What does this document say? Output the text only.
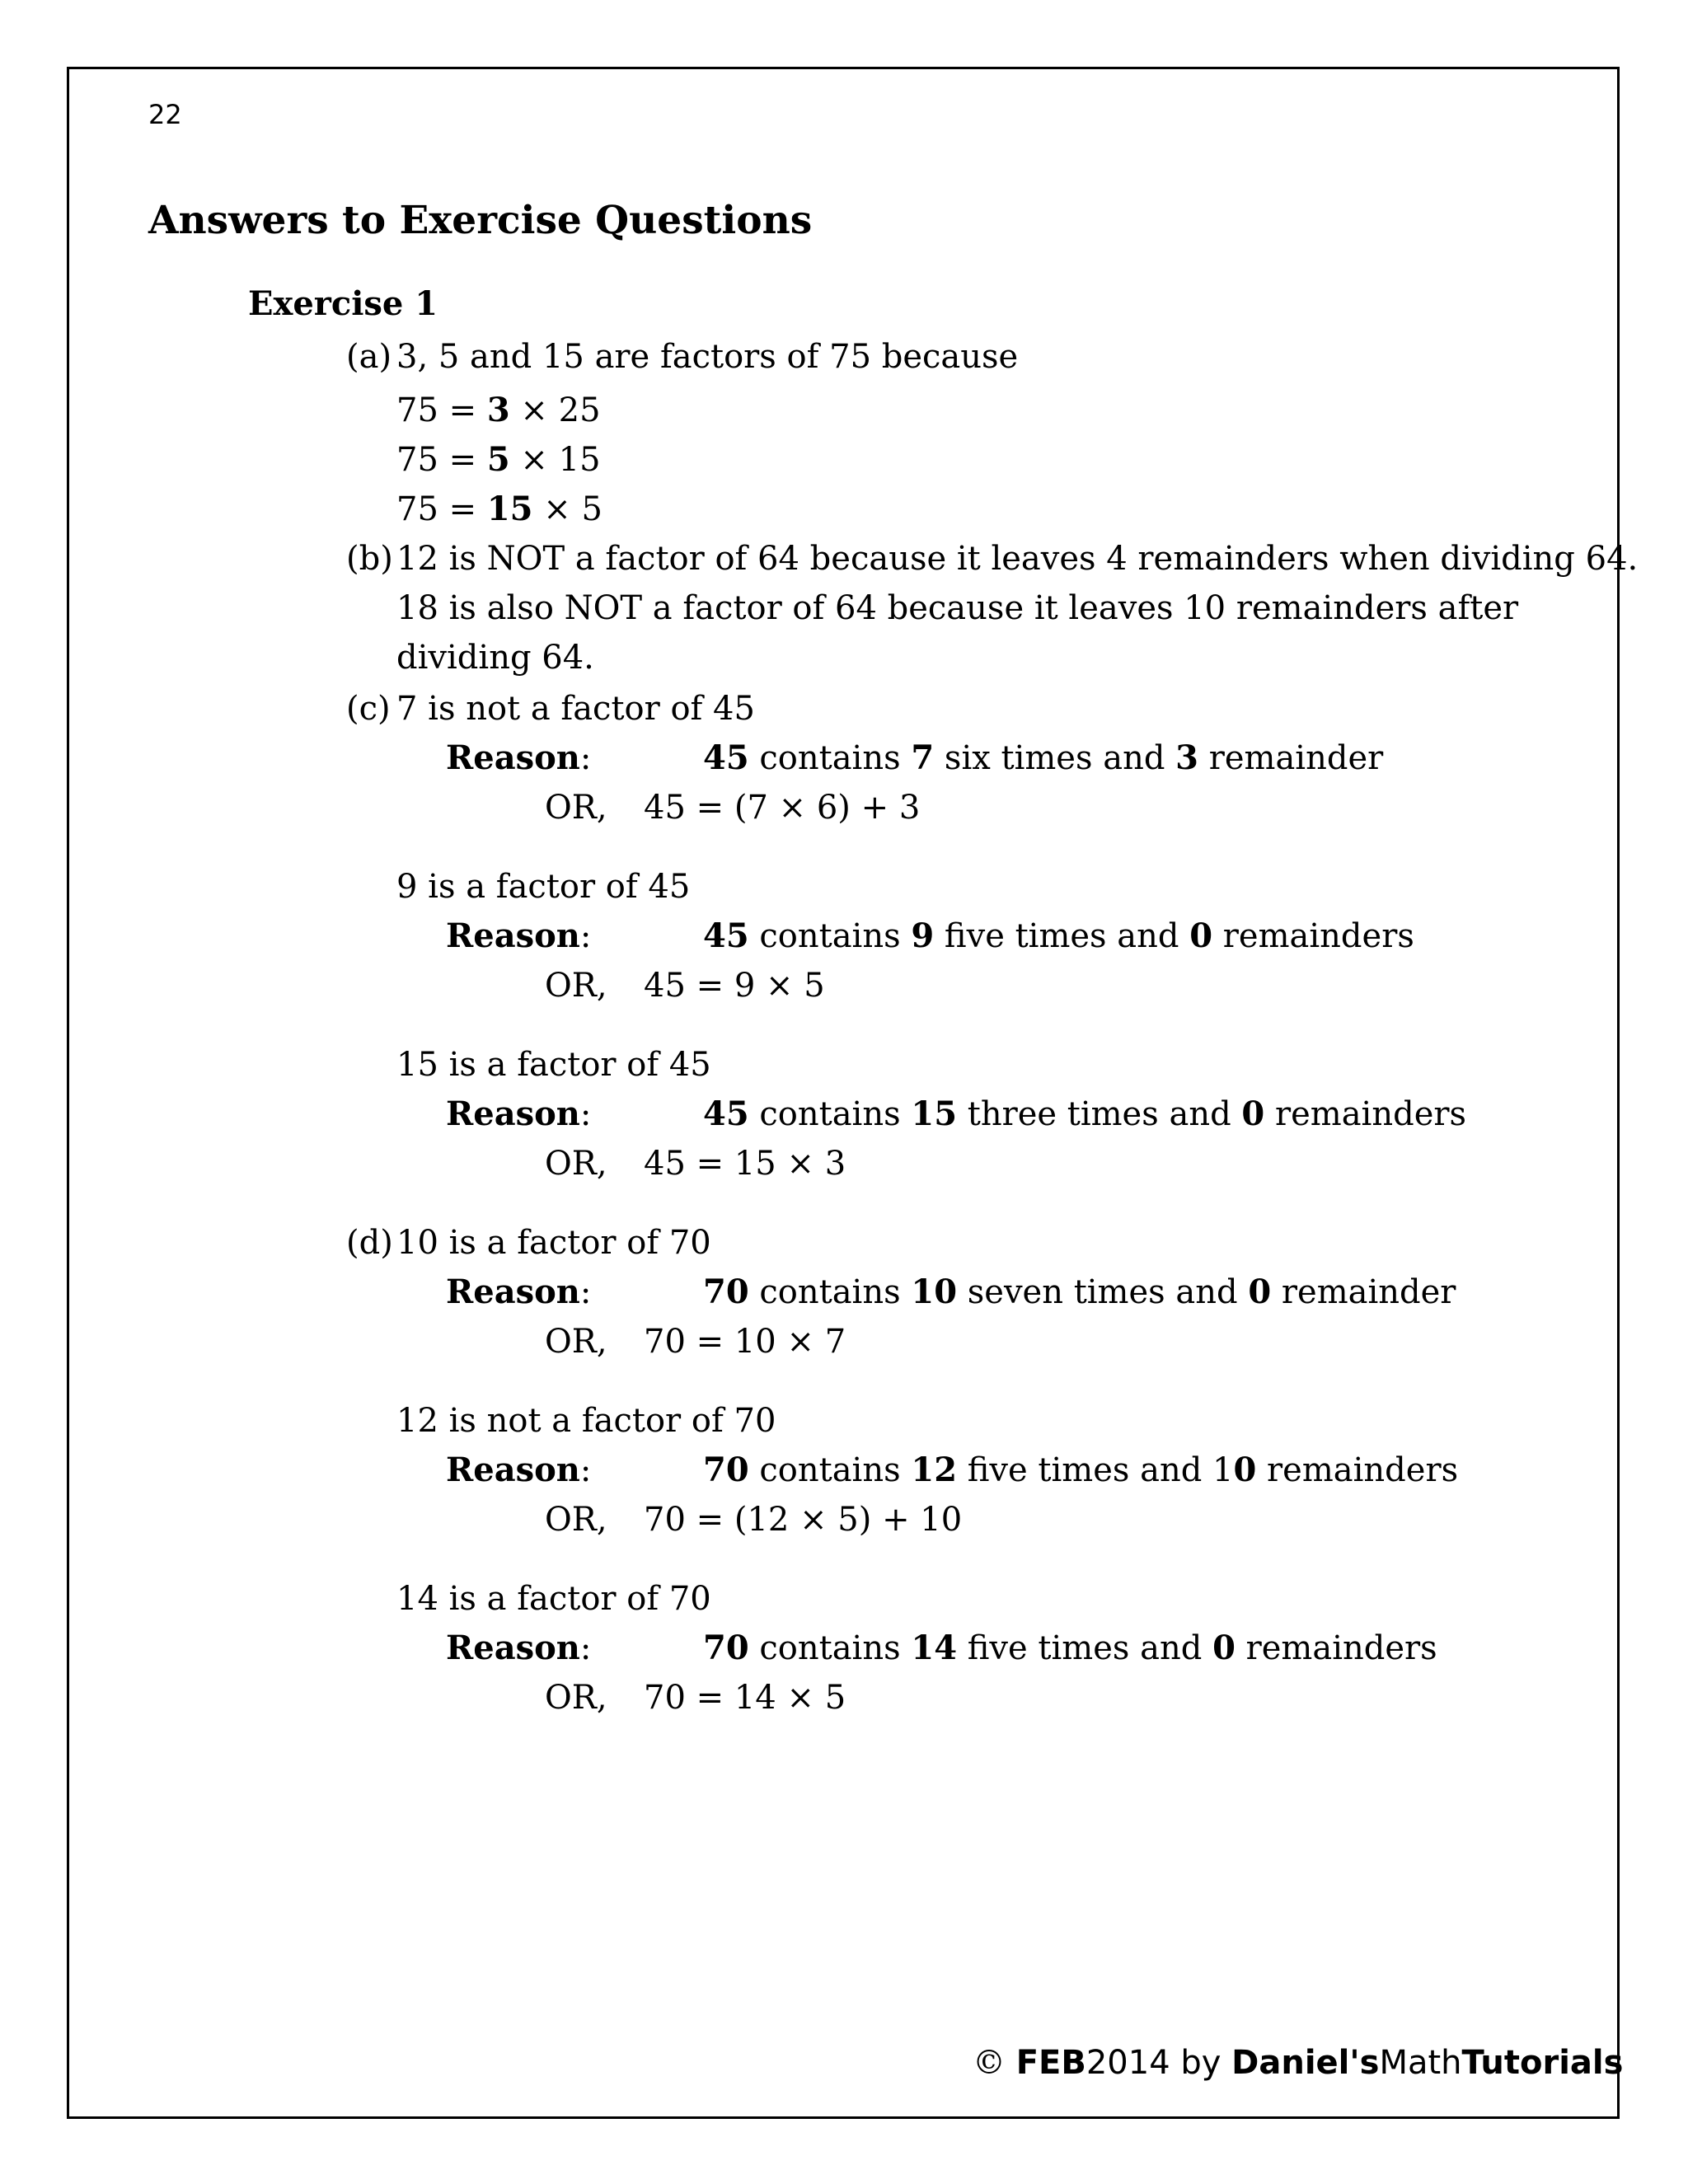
22
Answers to Exercise Questions
Exercise 1
(a) 3, 5 and 15 are factors of 75 because
75 = 3 × 25
75 = 5 × 15
75 = 15 × 5
(b) 12 is NOT a factor of 64 because it leaves 4 remainders when dividing 64.
18 is also NOT a factor of 64 because it leaves 10 remainders after
dividing 64.
(c) 7 is not a factor of 45
Reason:	45 contains 7 six times and 3 remainder
OR, 45 = (7 × 6) + 3
9 is a factor of 45
Reason:	45 contains 9 five times and 0 remainders
OR, 45 = 9 × 5
15 is a factor of 45
Reason:	45 contains 15 three times and 0 remainders
OR, 45 = 15 × 3
(d) 10 is a factor of 70
Reason:	70 contains 10 seven times and 0 remainder
OR, 70 = 10 × 7
12 is not a factor of 70
Reason:	70 contains 12 five times and 10 remainders
OR, 70 = (12 × 5) + 10
14 is a factor of 70
Reason:	70 contains 14 five times and 0 remainders
OR, 70 = 14 × 5
© FEB2014 by Daniel'sMathTutorials
